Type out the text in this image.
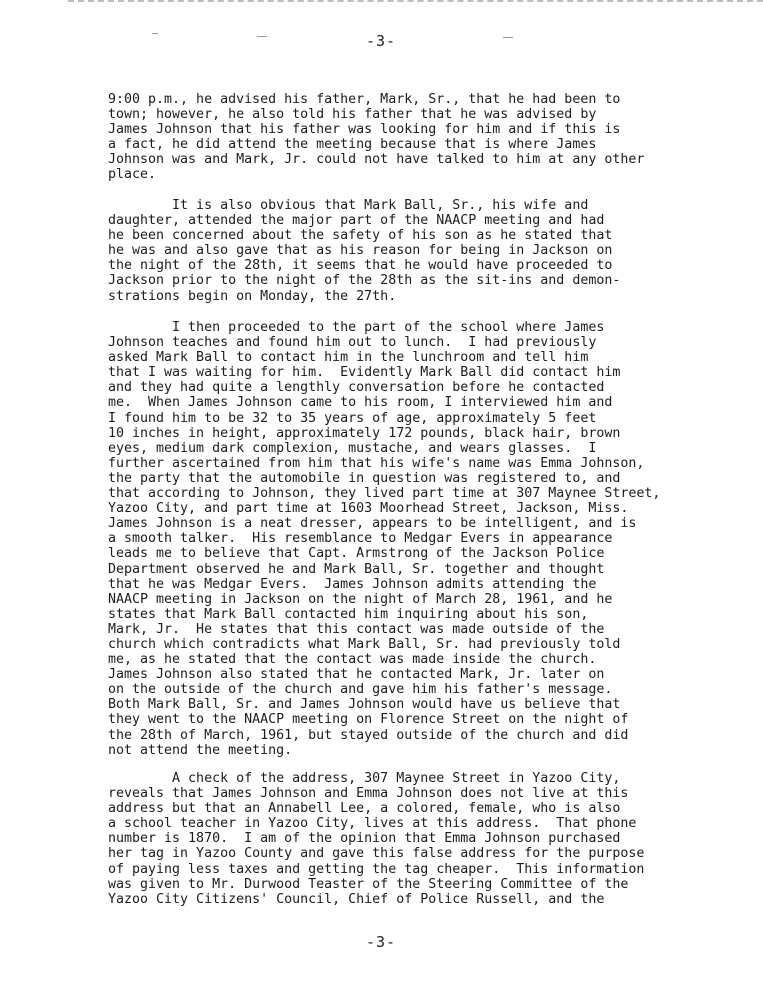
-3-
9:00 p.m., he advised his father, Mark, Sr., that he had been to
town; however, he also told his father that he was advised by
James Johnson that his father was looking for him and if this is
a fact, he did attend the meeting because that is where James
Johnson was and Mark, Jr. could not have talked to him at any other
place.
It is also obvious that Mark Ball, Sr., his wife and
daughter, attended the major part of the NAACP meeting and had
he been concerned about the safety of his son as he stated that
he was and also gave that as his reason for being in Jackson on
the night of the 28th, it seems that he would have proceeded to
Jackson prior to the night of the 28th as the sit-ins and demon-
strations begin on Monday, the 27th.
I then proceeded to the part of the school where James
Johnson teaches and found him out to lunch.  I had previously
asked Mark Ball to contact him in the lunchroom and tell him
that I was waiting for him.  Evidently Mark Ball did contact him
and they had quite a lengthly conversation before he contacted
me.  When James Johnson came to his room, I interviewed him and
I found him to be 32 to 35 years of age, approximately 5 feet
10 inches in height, approximately 172 pounds, black hair, brown
eyes, medium dark complexion, mustache, and wears glasses.  I
further ascertained from him that his wife's name was Emma Johnson,
the party that the automobile in question was registered to, and
that according to Johnson, they lived part time at 307 Maynee Street,
Yazoo City, and part time at 1603 Moorhead Street, Jackson, Miss.
James Johnson is a neat dresser, appears to be intelligent, and is
a smooth talker.  His resemblance to Medgar Evers in appearance
leads me to believe that Capt. Armstrong of the Jackson Police
Department observed he and Mark Ball, Sr. together and thought
that he was Medgar Evers.  James Johnson admits attending the
NAACP meeting in Jackson on the night of March 28, 1961, and he
states that Mark Ball contacted him inquiring about his son,
Mark, Jr.  He states that this contact was made outside of the
church which contradicts what Mark Ball, Sr. had previously told
me, as he stated that the contact was made inside the church.
James Johnson also stated that he contacted Mark, Jr. later on
on the outside of the church and gave him his father's message.
Both Mark Ball, Sr. and James Johnson would have us believe that
they went to the NAACP meeting on Florence Street on the night of
the 28th of March, 1961, but stayed outside of the church and did
not attend the meeting.
A check of the address, 307 Maynee Street in Yazoo City,
reveals that James Johnson and Emma Johnson does not live at this
address but that an Annabell Lee, a colored, female, who is also
a school teacher in Yazoo City, lives at this address.  That phone
number is 1870.  I am of the opinion that Emma Johnson purchased
her tag in Yazoo County and gave this false address for the purpose
of paying less taxes and getting the tag cheaper.  This information
was given to Mr. Durwood Teaster of the Steering Committee of the
Yazoo City Citizens' Council, Chief of Police Russell, and the
-3-
